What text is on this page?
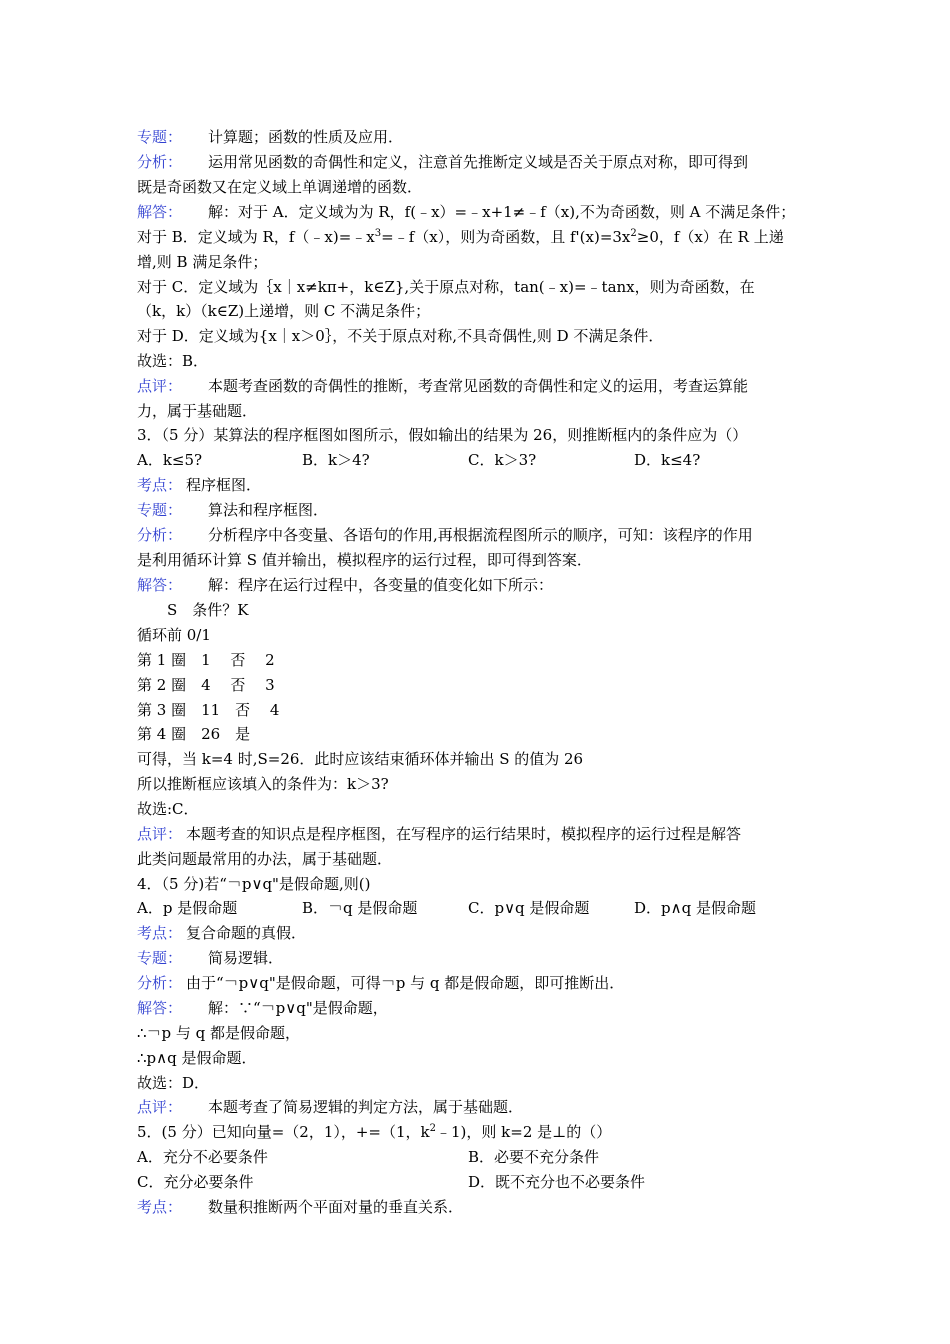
专题： 计算题；函数的性质及应用．
分析： 运用常见函数的奇偶性和定义，注意首先推断定义域是否关于原点对称，即可得到
既是奇函数又在定义域上单调递增的函数．
解答： 解：对于 A．定义域为为 R，f(﹣x）=﹣x+1≠﹣f（x),不为奇函数，则 A 不满足条件；
对于 B．定义域为 R，$f(﹣x)=﹣x^3=﹣f(x)$，则为奇函数，且 $f'(x)=3x^2\ge 0$，f（x）在 R 上递
增,则 B 满足条件；
对于 C．定义域为｛x｜x≠kπ+，k∈Z},关于原点对称，tan(﹣x)=﹣tanx，则为奇函数，在
（k，k）（k∈Z)上递增，则 C 不满足条件；
对于 D．定义域为{x｜x＞0｝，不关于原点对称,不具奇偶性,则 D 不满足条件．
故选：B．
点评： 本题考查函数的奇偶性的推断，考查常见函数的奇偶性和定义的运用，考查运算能
力，属于基础题．
3．（5 分）某算法的程序框图如图所示，假如输出的结果为 26，则推断框内的条件应为（）
A．k≤5?	B．k＞4?	C．k＞3?	D．k≤4?
考点： 程序框图．
专题： 算法和程序框图．
分析： 分析程序中各变量、各语句的作用,再根据流程图所示的顺序，可知：该程序的作用
是利用循环计算 S 值并输出，模拟程序的运行过程，即可得到答案．
解答： 解：程序在运行过程中，各变量的值变化如下所示：
S　条件？K
循环前 0/1
第 1 圈　1　 否　 2
第 2 圈　4　 否　 3
第 3 圈　11　否　 4
第 4 圈　26　是
可得，当 k=4 时,S=26．此时应该结束循环体并输出 S 的值为 26
所以推断框应该填入的条件为：k＞3?
故选:C．
点评： 本题考查的知识点是程序框图，在写程序的运行结果时，模拟程序的运行过程是解答
此类问题最常用的办法，属于基础题．
4．（5 分)若“￢p∨q"是假命题,则()
A．p 是假命题	B．￢q 是假命题	C．p∨q 是假命题	D．p∧q 是假命题
考点： 复合命题的真假．
专题： 简易逻辑．
分析： 由于“￢p∨q"是假命题，可得￢p 与 q 都是假命题，即可推断出．
解答： 解：∵“￢p∨q"是假命题，
∴￢p 与 q 都是假命题，
∴p∧q 是假命题．
故选：D．
点评： 本题考查了简易逻辑的判定方法，属于基础题．
5．(5 分）已知向量=（2，1），+=（1，$k^2﹣1$)，则 k=2 是⊥的（）
A．充分不必要条件	B．必要不充分条件
C．充分必要条件	D．既不充分也不必要条件
考点： 数量积推断两个平面对量的垂直关系．
